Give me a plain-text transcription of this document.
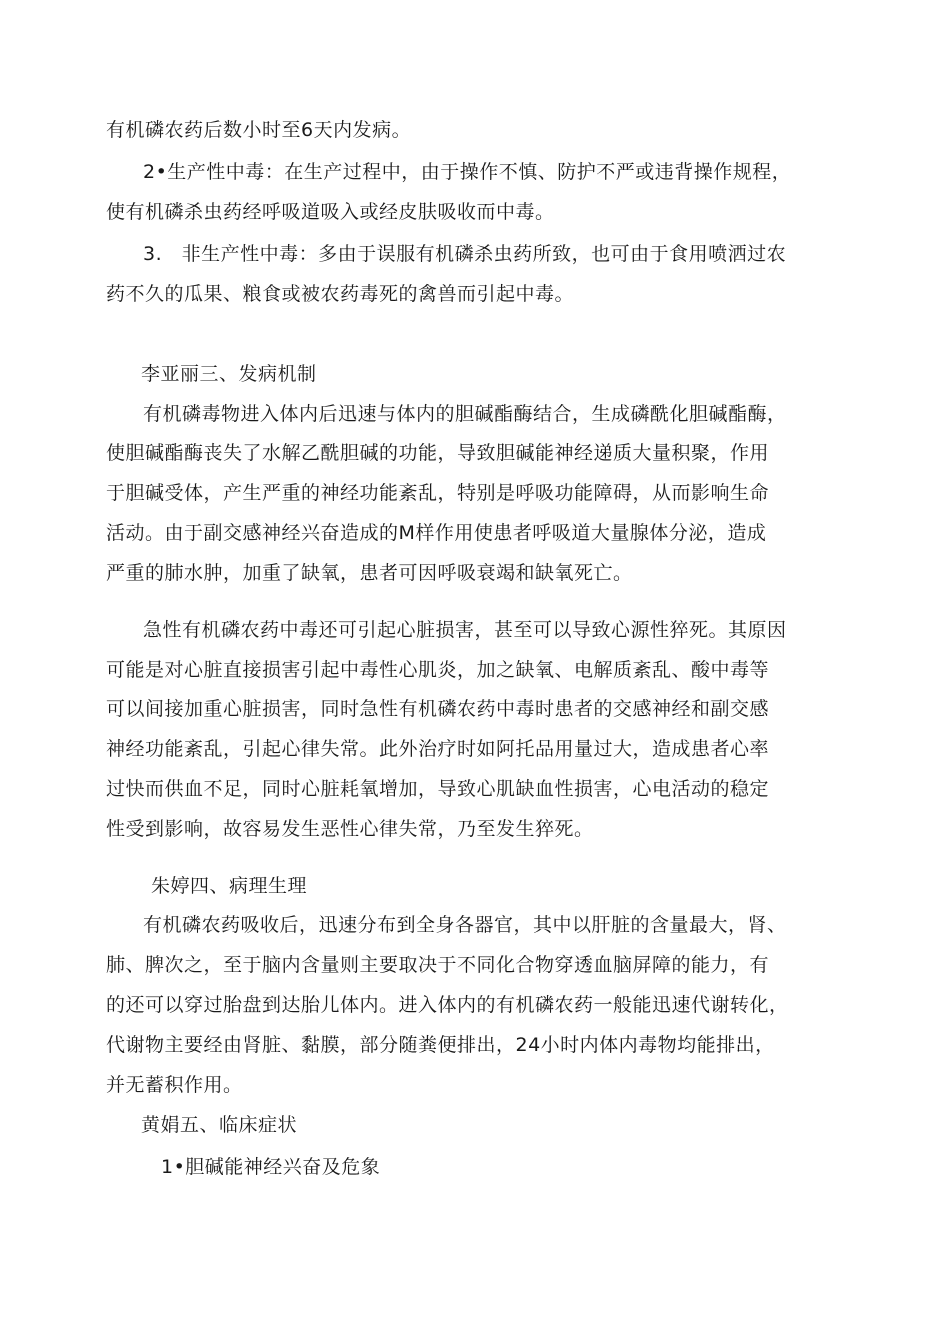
有机磷农药后数小时至6天内发病。
2•生产性中毒：在生产过程中，由于操作不慎、防护不严或违背操作规程，
使有机磷杀虫药经呼吸道吸入或经皮肤吸收而中毒。
3.　非生产性中毒：多由于误服有机磷杀虫药所致，也可由于食用喷洒过农
药不久的瓜果、粮食或被农药毒死的禽兽而引起中毒。
李亚丽三、发病机制
有机磷毒物进入体内后迅速与体内的胆碱酯酶结合，生成磷酰化胆碱酯酶，
使胆碱酯酶丧失了水解乙酰胆碱的功能，导致胆碱能神经递质大量积聚，作用
于胆碱受体，产生严重的神经功能紊乱，特别是呼吸功能障碍，从而影响生命
活动。由于副交感神经兴奋造成的M样作用使患者呼吸道大量腺体分泌，造成
严重的肺水肿，加重了缺氧，患者可因呼吸衰竭和缺氧死亡。
急性有机磷农药中毒还可引起心脏损害，甚至可以导致心源性猝死。其原因
可能是对心脏直接损害引起中毒性心肌炎，加之缺氧、电解质紊乱、酸中毒等
可以间接加重心脏损害，同时急性有机磷农药中毒时患者的交感神经和副交感
神经功能紊乱，引起心律失常。此外治疗时如阿托品用量过大，造成患者心率
过快而供血不足，同时心脏耗氧增加，导致心肌缺血性损害，心电活动的稳定
性受到影响，故容易发生恶性心律失常，乃至发生猝死。
朱婷四、病理生理
有机磷农药吸收后，迅速分布到全身各器官，其中以肝脏的含量最大，肾、
肺、脾次之，至于脑内含量则主要取决于不同化合物穿透血脑屏障的能力，有
的还可以穿过胎盘到达胎儿体内。进入体内的有机磷农药一般能迅速代谢转化，
代谢物主要经由肾脏、黏膜，部分随粪便排出，24小时内体内毒物均能排出，
并无蓄积作用。
黄娟五、临床症状
1•胆碱能神经兴奋及危象
